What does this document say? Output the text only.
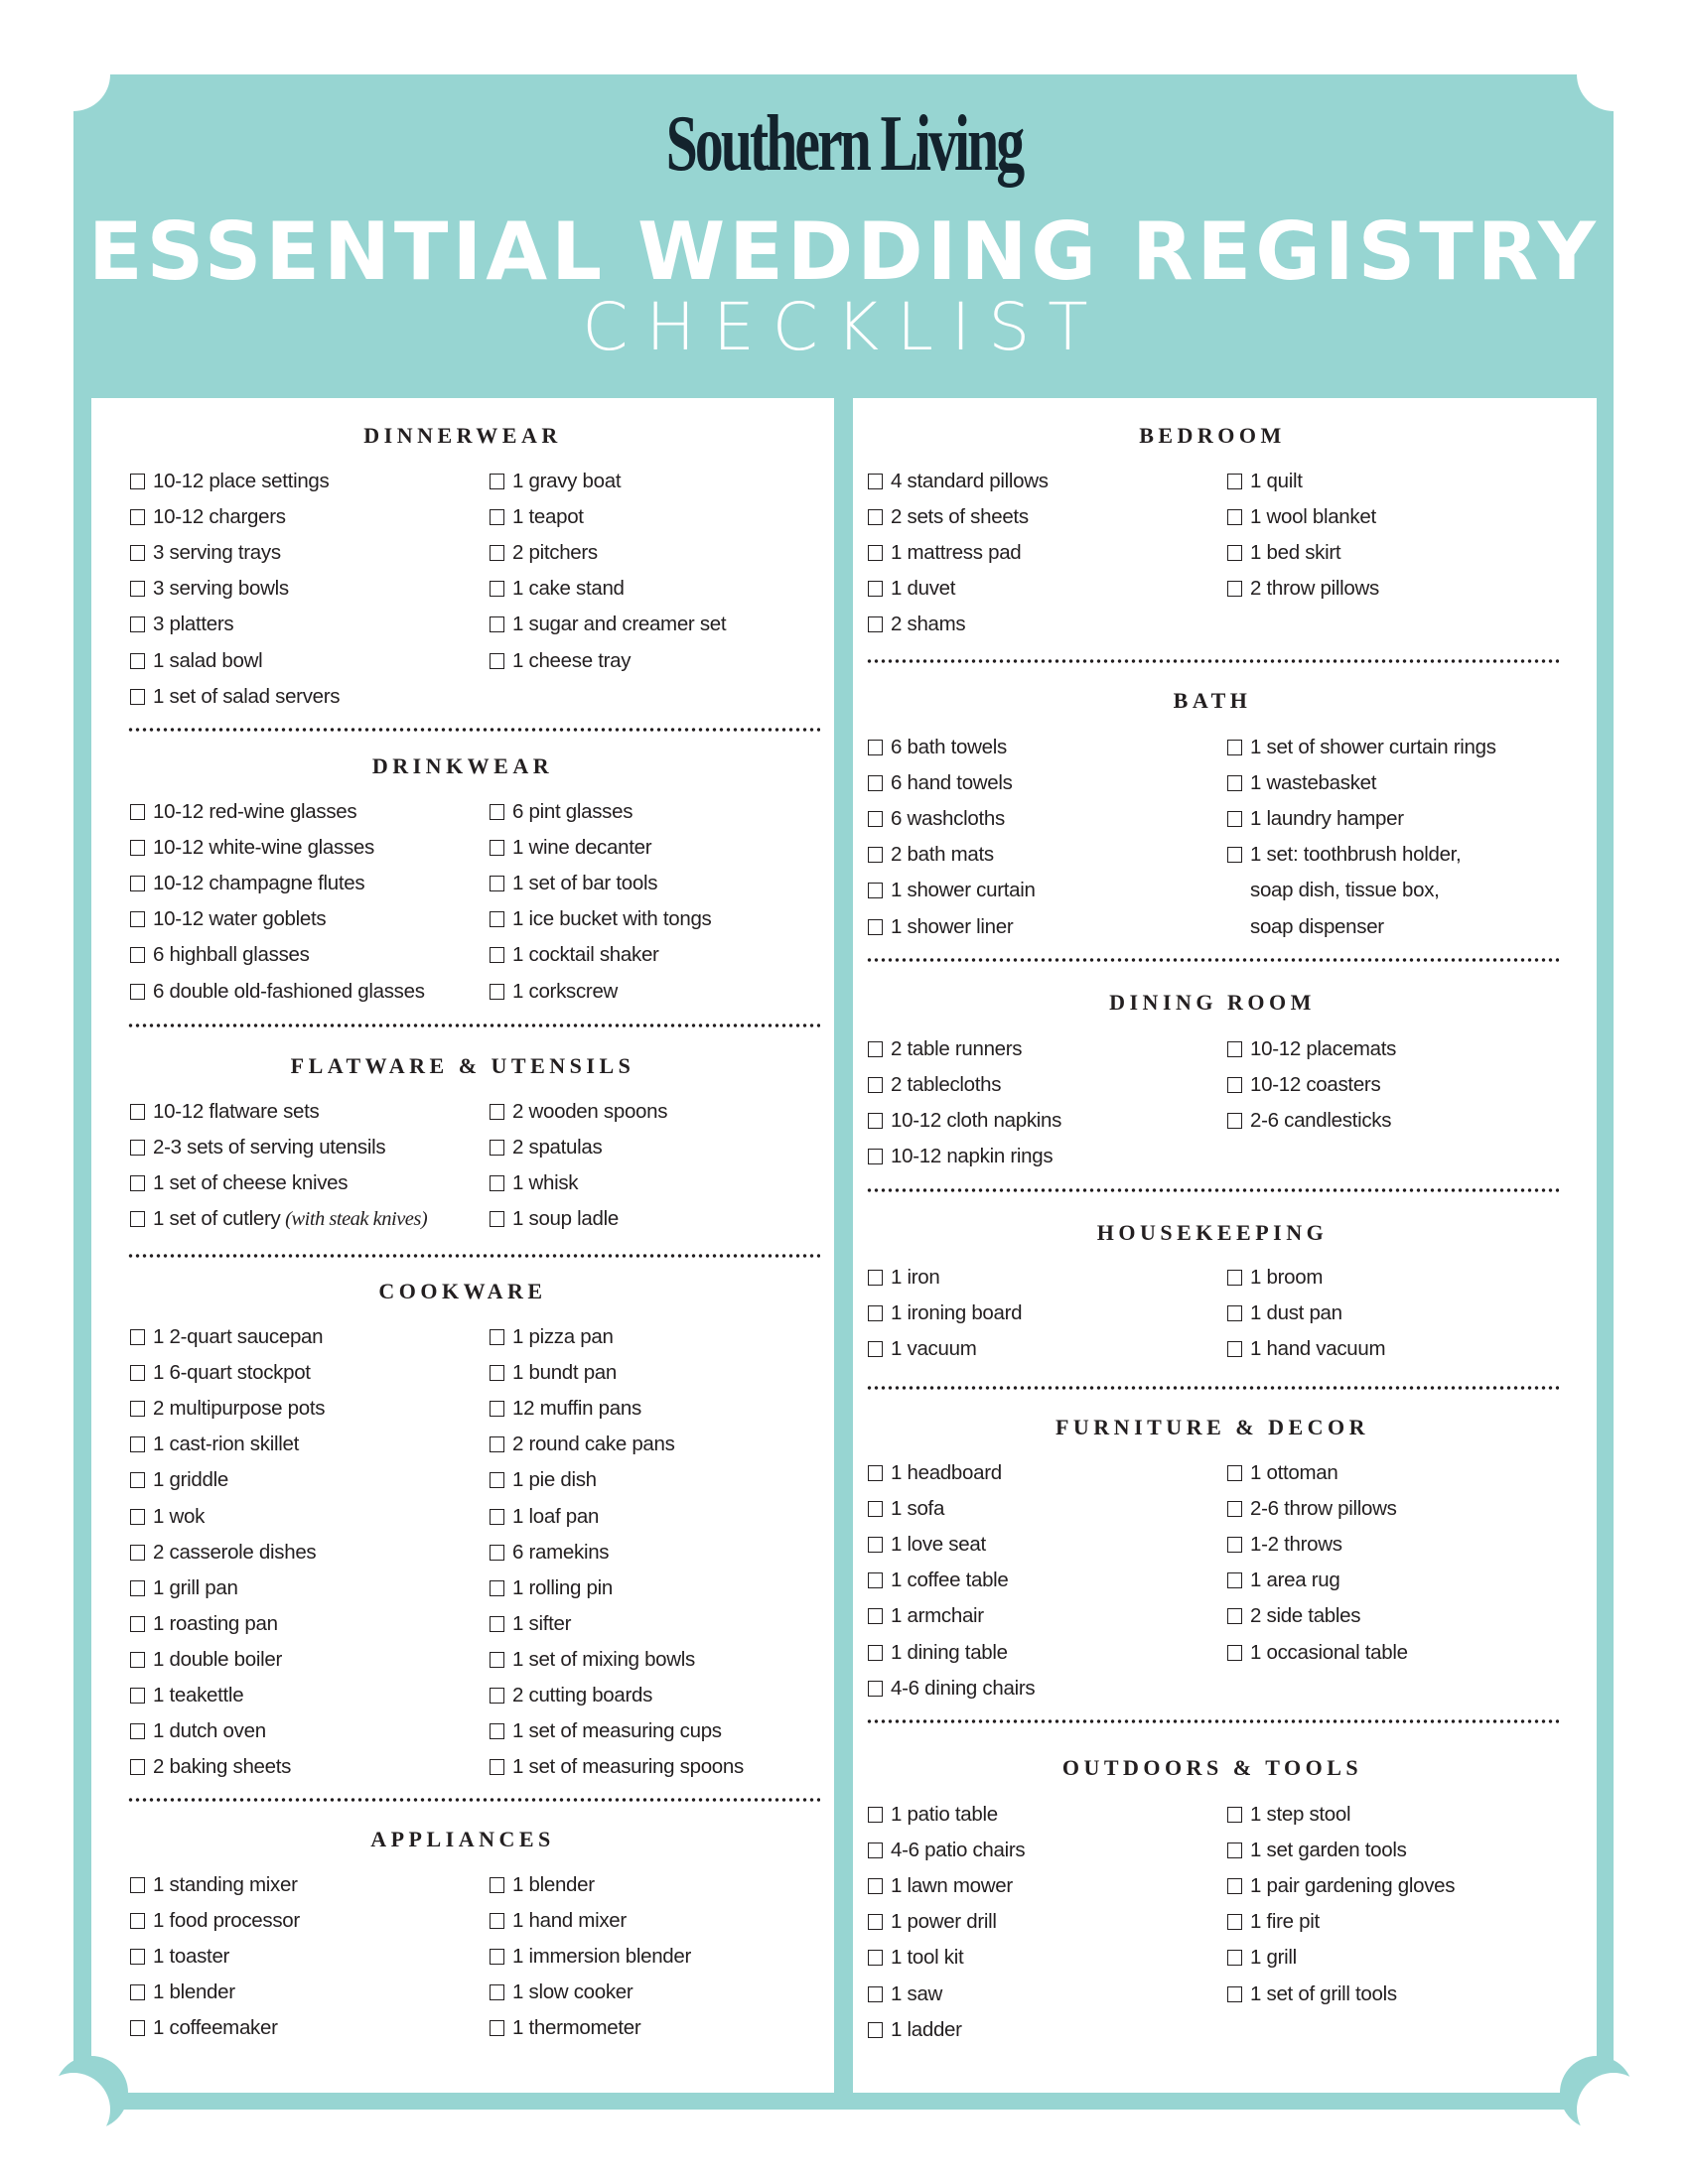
Southern Living
ESSENTIAL WEDDING REGISTRY
CHECKLIST
DINNERWEAR
10-12 place settings
10-12 chargers
3 serving trays
3 serving bowls
3 platters
1 salad bowl
1 set of salad servers
1 gravy boat
1 teapot
2 pitchers
1 cake stand
1 sugar and creamer set
1 cheese tray
DRINKWEAR
10-12 red-wine glasses
10-12 white-wine glasses
10-12 champagne flutes
10-12 water goblets
6 highball glasses
6 double old-fashioned glasses
6 pint glasses
1 wine decanter
1 set of bar tools
1 ice bucket with tongs
1 cocktail shaker
1 corkscrew
FLATWARE & UTENSILS
10-12 flatware sets
2-3 sets of serving utensils
1 set of cheese knives
1 set of cutlery (with steak knives)
2 wooden spoons
2 spatulas
1 whisk
1 soup ladle
COOKWARE
1 2-quart saucepan
1 6-quart stockpot
2 multipurpose pots
1 cast-rion skillet
1 griddle
1 wok
2 casserole dishes
1 grill pan
1 roasting pan
1 double boiler
1 teakettle
1 dutch oven
2 baking sheets
1 pizza pan
1 bundt pan
12 muffin pans
2 round cake pans
1 pie dish
1 loaf pan
6 ramekins
1 rolling pin
1 sifter
1 set of mixing bowls
2 cutting boards
1 set of measuring cups
1 set of measuring spoons
APPLIANCES
1 standing mixer
1 food processor
1 toaster
1 blender
1 coffeemaker
1 blender
1 hand mixer
1 immersion blender
1 slow cooker
1 thermometer
BEDROOM
4 standard pillows
2 sets of sheets
1 mattress pad
1 duvet
2 shams
1 quilt
1 wool blanket
1 bed skirt
2 throw pillows
BATH
6 bath towels
6 hand towels
6 washcloths
2 bath mats
1 shower curtain
1 shower liner
1 set of shower curtain rings
1 wastebasket
1 laundry hamper
1 set: toothbrush holder,
soap dish, tissue box,
soap dispenser
DINING ROOM
2 table runners
2 tablecloths
10-12 cloth napkins
10-12 napkin rings
10-12 placemats
10-12 coasters
2-6 candlesticks
HOUSEKEEPING
1 iron
1 ironing board
1 vacuum
1 broom
1 dust pan
1 hand vacuum
FURNITURE & DECOR
1 headboard
1 sofa
1 love seat
1 coffee table
1 armchair
1 dining table
4-6 dining chairs
1 ottoman
2-6 throw pillows
1-2 throws
1 area rug
2 side tables
1 occasional table
OUTDOORS & TOOLS
1 patio table
4-6 patio chairs
1 lawn mower
1 power drill
1 tool kit
1 saw
1 ladder
1 step stool
1 set garden tools
1 pair gardening gloves
1 fire pit
1 grill
1 set of grill tools
